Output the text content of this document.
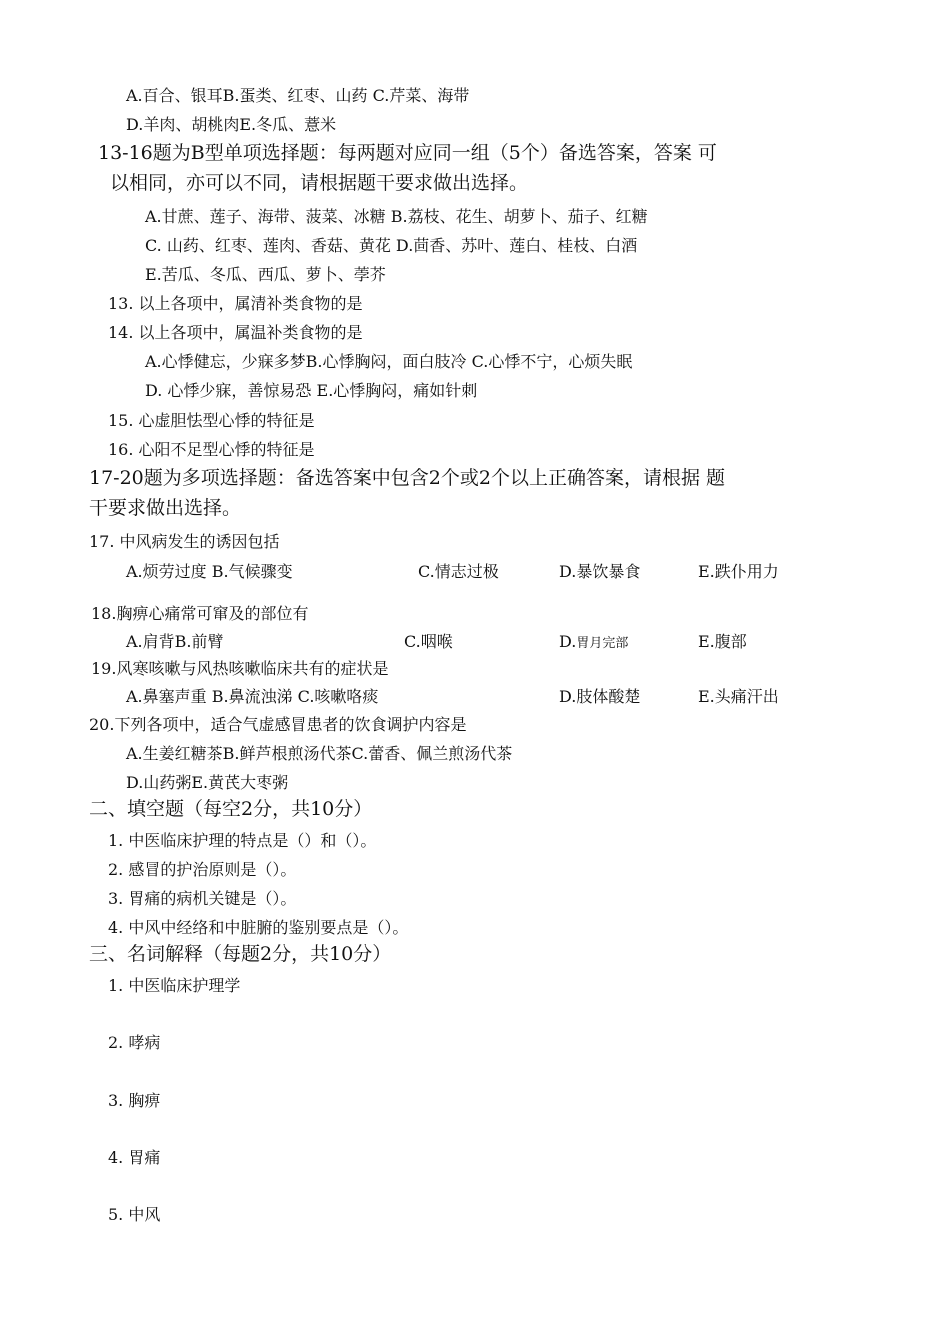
A.百合、银耳B.蛋类、红枣、山药 C.芹菜、海带
D.羊肉、胡桃肉E.冬瓜、薏米
13-16题为B型单项选择题：每两题对应同一组（5个）备选答案，答案 可
以相同，亦可以不同，请根据题干要求做出选择。
A.甘蔗、莲子、海带、菠菜、冰糖 B.荔枝、花生、胡萝卜、茄子、红糖
C. 山药、红枣、莲肉、香菇、黄花 D.茴香、苏叶、莲白、桂枝、白酒
E.苦瓜、冬瓜、西瓜、萝卜、荸芥
13. 以上各项中，属清补类食物的是
14. 以上各项中，属温补类食物的是
A.心悸健忘，少寐多梦B.心悸胸闷，面白肢冷 C.心悸不宁，心烦失眠
D. 心悸少寐，善惊易恐 E.心悸胸闷，痛如针刺
15. 心虚胆怯型心悸的特征是
16. 心阳不足型心悸的特征是
17-20题为多项选择题：备选答案中包含2个或2个以上正确答案，请根据 题
干要求做出选择。
17. 中风病发生的诱因包括
A.烦劳过度 B.气候骤变	C.情志过极	D.暴饮暴食	E.跌仆用力
18.胸痹心痛常可窜及的部位有
A.肩背B.前臂	C.咽喉	D.胃月完部	E.腹部
19.风寒咳嗽与风热咳嗽临床共有的症状是
A.鼻塞声重 B.鼻流浊涕 C.咳嗽咯痰	D.肢体酸楚	E.头痛汗出
20.下列各项中，适合气虚感冒患者的饮食调护内容是
A.生姜红糖茶B.鲜芦根煎汤代茶C.蕾香、佩兰煎汤代茶
D.山药粥E.黄芪大枣粥
二、填空题（每空2分，共10分）
1. 中医临床护理的特点是（）和（）。
2. 感冒的护治原则是（）。
3. 胃痛的病机关键是（）。
4. 中风中经络和中脏腑的鉴别要点是（）。
三、名词解释（每题2分，共10分）
1. 中医临床护理学
2. 哮病
3. 胸痹
4. 胃痛
5. 中风
